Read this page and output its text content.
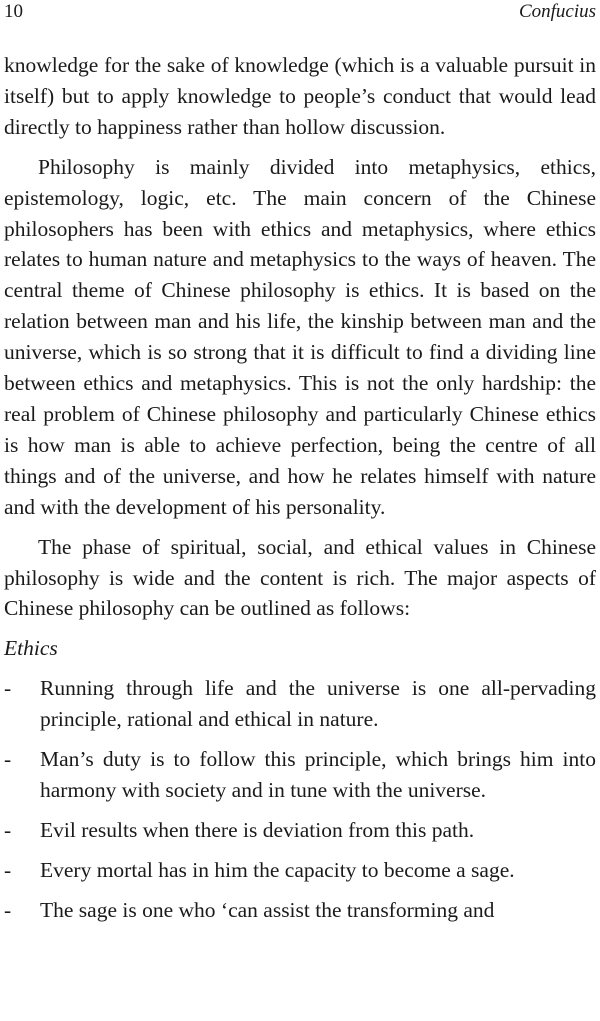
10	Confucius

knowledge for the sake of knowledge (which is a valuable pursuit in itself) but to apply knowledge to people’s conduct that would lead directly to happiness rather than hollow discussion.

Philosophy is mainly divided into metaphysics, ethics, epistemology, logic, etc. The main concern of the Chinese philosophers has been with ethics and metaphysics, where ethics relates to human nature and metaphysics to the ways of heaven. The central theme of Chinese philosophy is ethics. It is based on the relation between man and his life, the kinship between man and the universe, which is so strong that it is difficult to find a dividing line between ethics and metaphysics. This is not the only hardship: the real problem of Chinese philosophy and particularly Chinese ethics is how man is able to achieve perfection, being the centre of all things and of the universe, and how he relates himself with nature and with the development of his personality.

The phase of spiritual, social, and ethical values in Chinese philosophy is wide and the content is rich. The major aspects of Chinese philosophy can be outlined as follows:

Ethics
- Running through life and the universe is one all-pervading principle, rational and ethical in nature.
- Man’s duty is to follow this principle, which brings him into harmony with society and in tune with the universe.
- Evil results when there is deviation from this path.
- Every mortal has in him the capacity to become a sage.
- The sage is one who ‘can assist the transforming and
